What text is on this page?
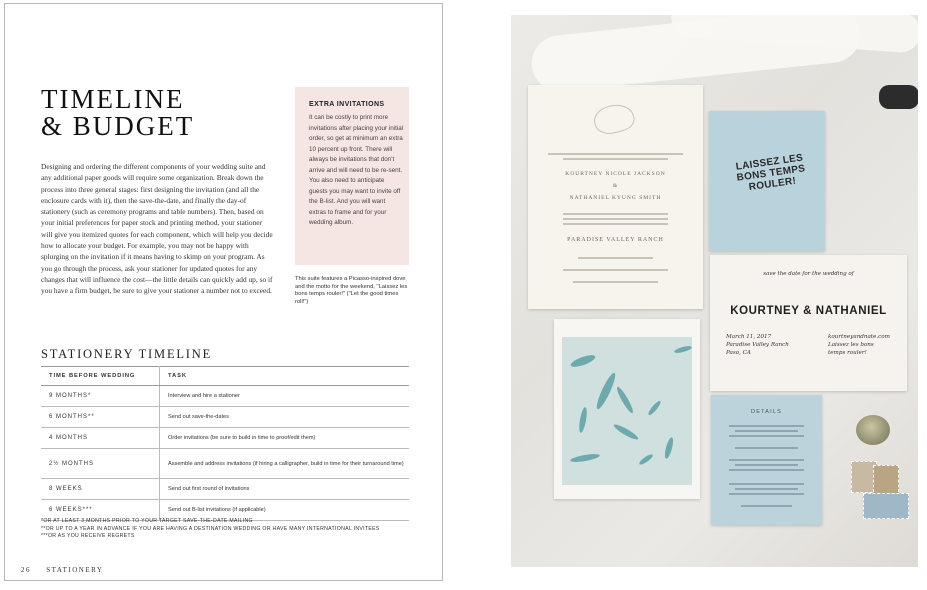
TIMELINE
& BUDGET

Designing and ordering the different components of your wedding suite and any additional paper goods will require some organization. Break down the process into three general stages: first designing the invitation (and all the enclosure cards with it), then the save-the-date, and finally the day-of stationery (such as ceremony programs and table numbers). Then, based on your initial preferences for paper stock and printing method, your stationer will give you itemized quotes for each component, which will help you decide how to allocate your budget. For example, you may not be happy with splurging on the invitation if it means having to skimp on your program. As you go through the process, ask your stationer for updated quotes for any changes that will influence the cost—the little details can quickly add up, so if you have a firm budget, be sure to give your stationer a number not to exceed.

EXTRA INVITATIONS

It can be costly to print more invitations after placing your initial order, so get at minimum an extra 10 percent up front. There will always be invitations that don't arrive and will need to be re-sent. You also need to anticipate guests you may want to invite off the B-list. And you will want extras to frame and for your wedding album.

This suite features a Picasso-inspired dove and the motto for the weekend, "Laissez les bons temps rouler!" ("Let the good times roll!")

STATIONERY TIMELINE
TIME BEFORE WEDDING	TASK
9 MONTHS*	Interview and hire a stationer
6 MONTHS**	Send out save-the-dates
4 MONTHS	Order invitations (be sure to build in time to proof/edit them)
2½ MONTHS	Assemble and address invitations (if hiring a calligrapher, build in time for their turnaround time)
8 WEEKS	Send out first round of invitations
6 WEEKS***	Send out B-list invitations (if applicable)
*OR AT LEAST 3 MONTHS PRIOR TO YOUR TARGET SAVE-THE-DATE MAILING
**OR UP TO A YEAR IN ADVANCE IF YOU ARE HAVING A DESTINATION WEDDING OR HAVE MANY INTERNATIONAL INVITEES
***OR AS YOU RECEIVE REGRETS
26 STATIONERY
KOURTNEY NICOLE JACKSON
&
NATHANIEL KYUNG SMITH
PARADISE VALLEY RANCH
LAISSEZ LES BONS TEMPS ROULER!
save the date for the wedding of
KOURTNEY & NATHANIEL
March 11, 2017
Paradise Valley Ranch
Paso, CA
kourtneyandnate.com
Laissez les bons
temps rouler!
DETAILS
